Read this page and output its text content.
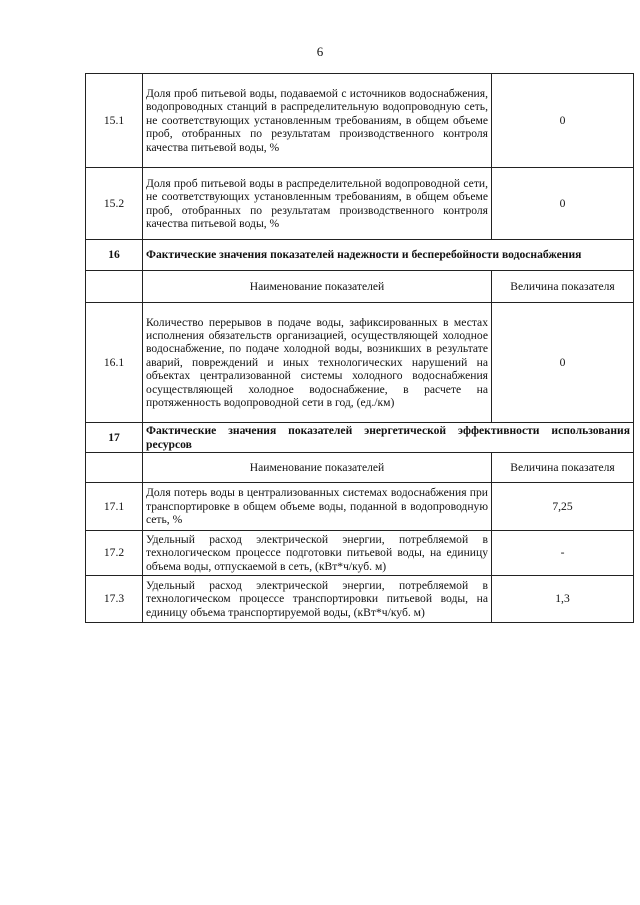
6
15.1	Доля проб питьевой воды, подаваемой с источников водоснабжения, водопроводных станций в распределительную водопроводную сеть, не соответствующих установленным требованиям, в общем объеме проб, отобранных по результатам производственного контроля качества питьевой воды, %	0
15.2	Доля проб питьевой воды в распределительной водопроводной сети, не соответствующих установленным требованиям, в общем объеме проб, отобранных по результатам производственного контроля качества питьевой воды, %	0
16	Фактические значения показателей надежности и бесперебойности водоснабжения	
	Наименование показателей	Величина показателя
16.1	Количество перерывов в подаче воды, зафиксированных в местах исполнения обязательств организацией, осуществляющей холодное водоснабжение, по подаче холодной воды, возникших в результате аварий, повреждений и иных технологических нарушений на объектах централизованной системы холодного водоснабжения осуществляющей холодное водоснабжение, в расчете на протяженность водопроводной сети в год, (ед./км)	0
17	Фактические значения показателей энергетической эффективности использования ресурсов	
	Наименование показателей	Величина показателя
17.1	Доля потерь воды в централизованных системах водоснабжения при транспортировке в общем объеме воды, поданной в водопроводную сеть, %	7,25
17.2	Удельный расход электрической энергии, потребляемой в технологическом процессе подготовки питьевой воды, на единицу объема воды, отпускаемой в сеть, (кВт*ч/куб. м)	-
17.3	Удельный расход электрической энергии, потребляемой в технологическом процессе транспортировки питьевой воды, на единицу объема транспортируемой воды, (кВт*ч/куб. м)	1,3
